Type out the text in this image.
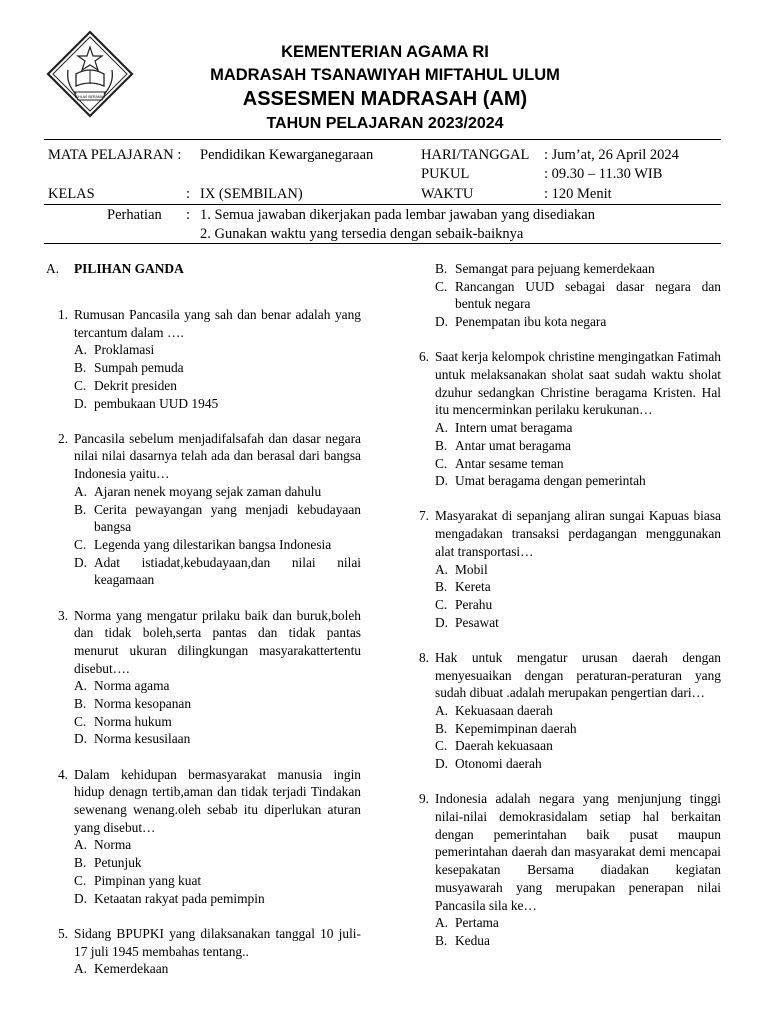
IKHLAS BERAMAL
KEMENTERIAN AGAMA RI
MADRASAH TSANAWIYAH MIFTAHUL ULUM
ASSESMEN MADRASAH (AM)
TAHUN PELAJARAN 2023/2024
MATA PELAJARAN : Pendidikan Kewarganegaraan	HARI/TANGGAL : Jum’at, 26 April 2024
PUKUL	: 09.30 – 11.30 WIB
KELAS	: IX (SEMBILAN)	WAKTU	: 120 Menit
Perhatian : 1. Semua jawaban dikerjakan pada lembar jawaban yang disediakan
2. Gunakan waktu yang tersedia dengan sebaik-baiknya
A. PILIHAN GANDA
1. Rumusan Pancasila yang sah dan benar adalah yang tercantum dalam ….
A. Proklamasi
B. Sumpah pemuda
C. Dekrit presiden
D. pembukaan UUD 1945
2. Pancasila sebelum menjadifalsafah dan dasar negara nilai nilai dasarnya telah ada dan berasal dari bangsa Indonesia yaitu…
A. Ajaran nenek moyang sejak zaman dahulu
B. Cerita pewayangan yang menjadi kebudayaan bangsa
C. Legenda yang dilestarikan bangsa Indonesia
D. Adat istiadat,kebudayaan,dan nilai nilai keagamaan
3. Norma yang mengatur prilaku baik dan buruk,boleh dan tidak boleh,serta pantas dan tidak pantas menurut ukuran dilingkungan masyarakattertentu disebut….
A. Norma agama
B. Norma kesopanan
C. Norma hukum
D. Norma kesusilaan
4. Dalam kehidupan bermasyarakat manusia ingin hidup denagn tertib,aman dan tidak terjadi Tindakan sewenang wenang.oleh sebab itu diperlukan aturan yang disebut…
A. Norma
B. Petunjuk
C. Pimpinan yang kuat
D. Ketaatan rakyat pada pemimpin
5. Sidang BPUPKI yang dilaksanakan tanggal 10 juli- 17 juli 1945 membahas tentang..
A. Kemerdekaan
B. Semangat para pejuang kemerdekaan
C. Rancangan UUD sebagai dasar negara dan bentuk negara
D. Penempatan ibu kota negara
6. Saat kerja kelompok christine mengingatkan Fatimah untuk melaksanakan sholat saat sudah waktu sholat dzuhur sedangkan Christine beragama Kristen. Hal itu mencerminkan perilaku kerukunan…
A. Intern umat beragama
B. Antar umat beragama
C. Antar sesame teman
D. Umat beragama dengan pemerintah
7. Masyarakat di sepanjang aliran sungai Kapuas biasa mengadakan transaksi perdagangan menggunakan alat transportasi…
A. Mobil
B. Kereta
C. Perahu
D. Pesawat
8. Hak untuk mengatur urusan daerah dengan menyesuaikan dengan peraturan-peraturan yang sudah dibuat .adalah merupakan pengertian dari…
A. Kekuasaan daerah
B. Kepemimpinan daerah
C. Daerah kekuasaan
D. Otonomi daerah
9. Indonesia adalah negara yang menjunjung tinggi nilai-nilai demokrasidalam setiap hal berkaitan dengan pemerintahan baik pusat maupun pemerintahan daerah dan masyarakat demi mencapai kesepakatan Bersama diadakan kegiatan musyawarah yang merupakan penerapan nilai Pancasila sila ke…
A. Pertama
B. Kedua
